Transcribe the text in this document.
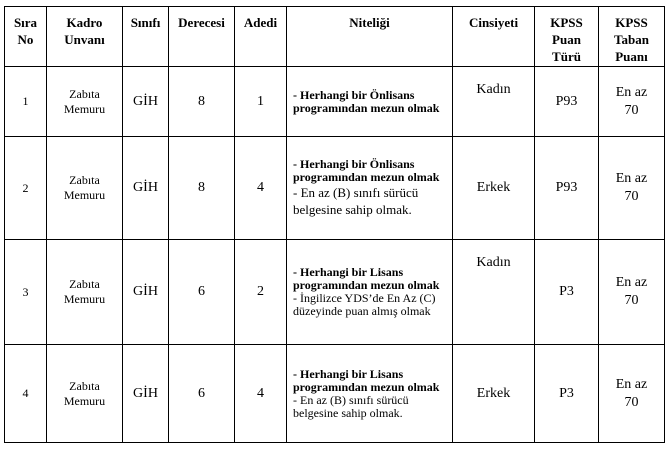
Sıra
No	Kadro
Unvanı	Sınıfı	Derecesi	Adedi	Niteliği	Cinsiyeti	KPSS
Puan
Türü	KPSS
Taban
Puanı
1	Zabıta
Memuru	GİH	8	1	- Herhangi bir Önlisans programından mezun olmak	Kadın	P93	En az
70
2	Zabıta
Memuru	GİH	8	4	- Herhangi bir Önlisans programından mezun olmak
- En az (B) sınıfı sürücü belgesine sahip olmak.	Erkek	P93	En az
70
3	Zabıta
Memuru	GİH	6	2	- Herhangi bir Lisans programından mezun olmak
- İngilizce YDS’de En Az (C) düzeyinde puan almış olmak	Kadın	P3	En az
70
4	Zabıta
Memuru	GİH	6	4	- Herhangi bir Lisans programından mezun olmak
- En az (B) sınıfı sürücü belgesine sahip olmak.	Erkek	P3	En az
70
